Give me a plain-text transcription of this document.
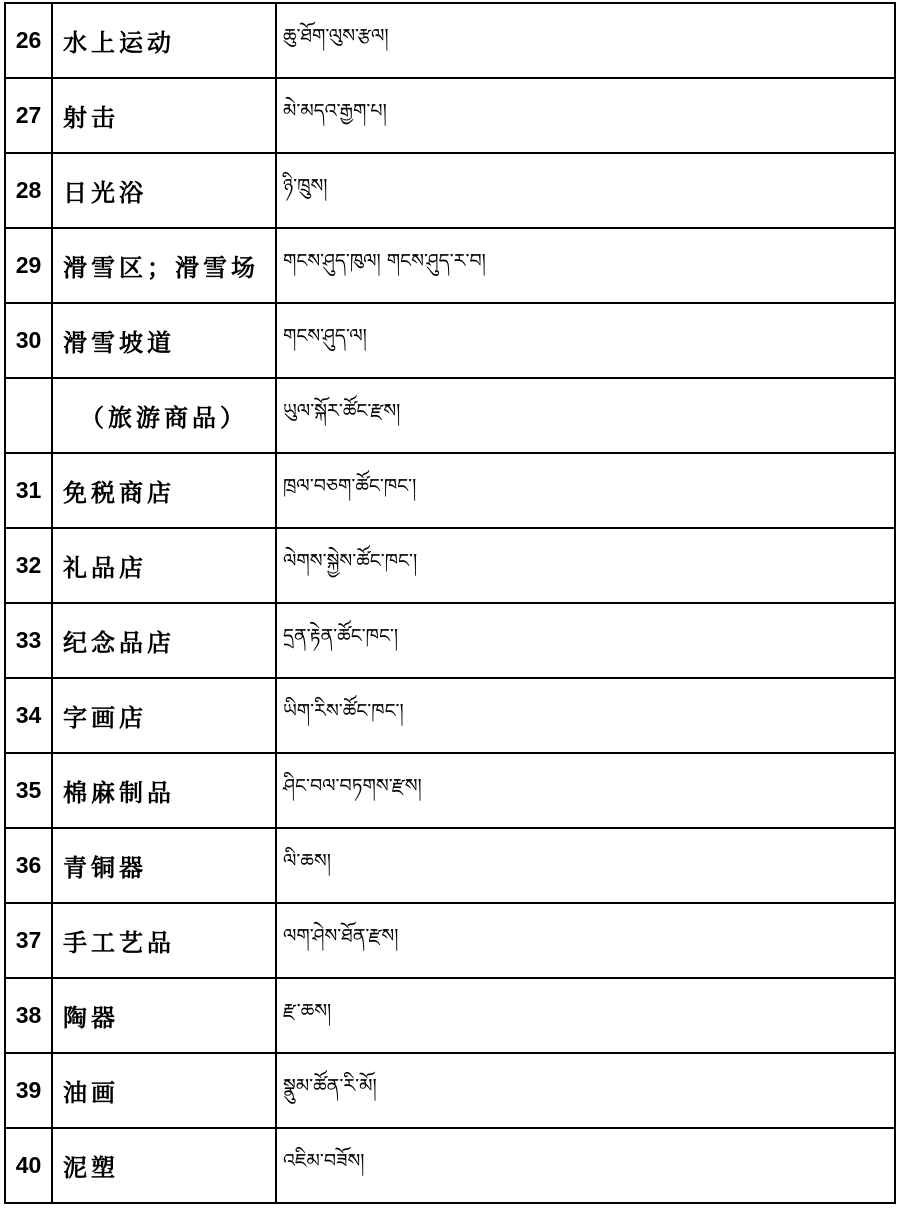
26	水上运动	ཆུ་ཐོག་ལུས་རྩལ།
27	射击	མེ་མདའ་རྒྱག་པ།
28	日光浴	ཉི་ཁྲུས།
29	滑雪区；滑雪场	གངས་ཤུད་ཁུལ། གངས་ཤུད་ར་བ།
30	滑雪坡道	གངས་ཤུད་ལ།
	（旅游商品）	ཡུལ་སྐོར་ཚོང་རྫས།
31	免税商店	ཁྲལ་བཅག་ཚོང་ཁང་།
32	礼品店	ལེགས་སྐྱེས་ཚོང་ཁང་།
33	纪念品店	དྲན་རྟེན་ཚོང་ཁང་།
34	字画店	ཡིག་རིས་ཚོང་ཁང་།
35	棉麻制品	ཤིང་བལ་བཏགས་རྫས།
36	青铜器	ལི་ཆས།
37	手工艺品	ལག་ཤེས་ཐོན་རྫས།
38	陶器	རྫ་ཆས།
39	油画	སྣུམ་ཚོན་རི་མོ།
40	泥塑	འཇིམ་བཟོས།
